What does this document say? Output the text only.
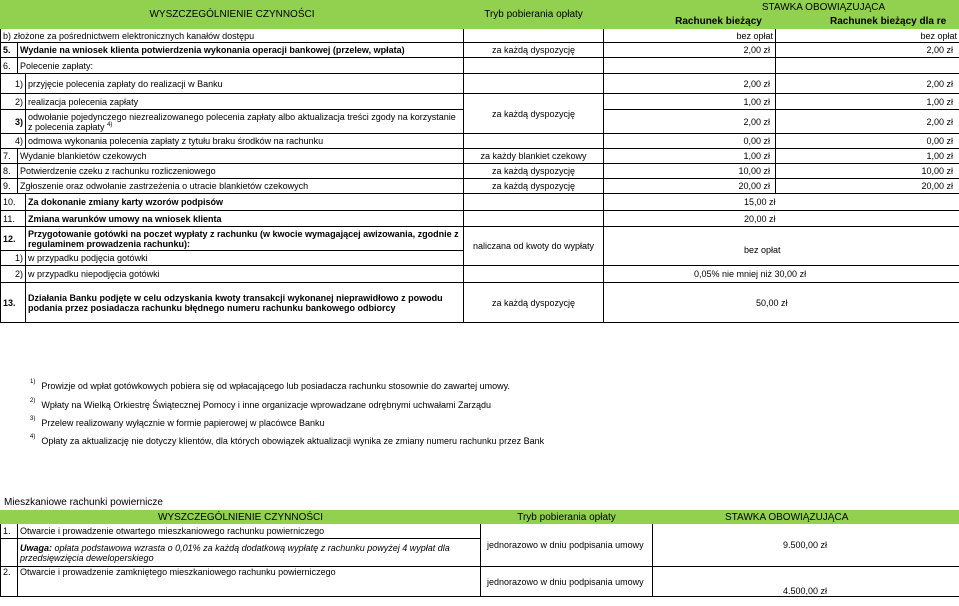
WYSZCZEGÓLNIENIE CZYNNOŚCI			Tryb pobierania opłaty	STAWKA OBOWIĄZUJĄCA	
				Rachunek bieżący	Rachunek bieżący dla re
b) złożone za pośrednictwem elektronicznych kanałów dostępu				bez opłat	bez opłat
5.	Wydanie na wniosek klienta potwierdzenia wykonania operacji bankowej (przelew, wpłata)		za każdą dyspozycję	2,00 zł	2,00 zł
6.	Polecenie zapłaty:				
1)		przyjęcie polecenia zapłaty do realizacji w Banku		2,00 zł	2,00 zł
2)		realizacja polecenia zapłaty	za każdą dyspozycję	1,00 zł	1,00 zł
3)		odwołanie pojedynczego niezrealizowanego polecenia zapłaty albo aktualizacja treści zgody na korzystanie z polecenia zapłaty $^{4)}$		2,00 zł	2,00 zł
4)		odmowa wykonania polecenia zapłaty z tytułu braku środków na rachunku		0,00 zł	0,00 zł
7.	Wydanie blankietów czekowych		za każdy blankiet czekowy	1,00 zł	1,00 zł
8.	Potwierdzenie czeku z rachunku rozliczeniowego		za każdą dyspozycję	10,00 zł	10,00 zł
9.	Zgłoszenie oraz odwołanie zastrzeżenia o utracie blankietów czekowych		za każdą dyspozycję	20,00 zł	20,00 zł
10.		Za dokonanie zmiany karty wzorów podpisów		15,00 zł	
11.		Zmiana warunków umowy na wniosek klienta		20,00 zł	
12.		Przygotowanie gotówki na poczet wypłaty z rachunku (w kwocie wymagającej awizowania, zgodnie z regulaminem prowadzenia rachunku):	naliczana od kwoty do wypłaty	bez opłat	
1)		w przypadku podjęcia gotówki			
2)		w przypadku niepodjęcia gotówki		0,05% nie mniej niż 30,00 zł	
13.		Działania Banku podjęte w celu odzyskania kwoty transakcji wykonanej nieprawidłowo z powodu podania przez posiadacza rachunku błędnego numeru rachunku bankowego odbiorcy	za każdą dyspozycję	50,00 zł	
$^{1)}$ Prowizje od wpłat gotówkowych pobiera się od wpłacającego lub posiadacza rachunku stosownie do zawartej umowy.
$^{2)}$ Wpłaty na Wielką Orkiestrę Świątecznej Pomocy i inne organizacje wprowadzane odrębnymi uchwałami Zarządu
$^{3)}$ Przelew realizowany wyłącznie w formie papierowej w placówce Banku
$^{4)}$ Opłaty za aktualizację nie dotyczy klientów, dla których obowiązek aktualizacji wynika ze zmiany numeru rachunku przez Bank
Mieszkaniowe rachunki powiernicze
WYSZCZEGÓLNIENIE CZYNNOŚCI		Tryb pobierania opłaty	STAWKA OBOWIĄZUJĄCA
1.	Otwarcie i prowadzenie otwartego mieszkaniowego rachunku powierniczego	jednorazowo w dniu podpisania umowy	9.500,00 zł
	Uwaga: opłata podstawowa wzrasta o 0,01% za każdą dodatkową wypłatę z rachunku powyżej 4 wypłat dla przedsięwzięcia deweloperskiego		
2.	Otwarcie i prowadzenie zamkniętego mieszkaniowego rachunku powierniczego	jednorazowo w dniu podpisania umowy	4.500,00 zł
